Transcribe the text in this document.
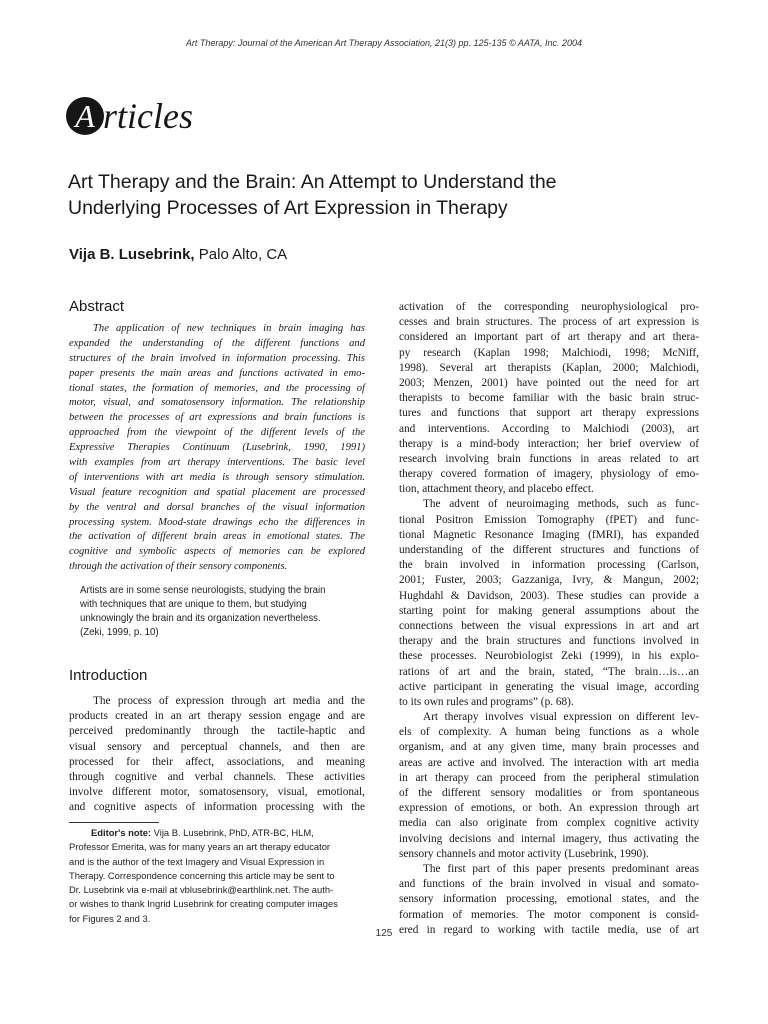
Art Therapy: Journal of the American Art Therapy Association, 21(3) pp. 125-135 © AATA, Inc. 2004
A rticles
Art Therapy and the Brain: An Attempt to Understand the
Underlying Processes of Art Expression in Therapy
Vija B. Lusebrink, Palo Alto, CA
Abstract
The application of new techniques in brain imaging has
expanded the understanding of the different functions and
structures of the brain involved in information processing. This
paper presents the main areas and functions activated in emo-
tional states, the formation of memories, and the processing of
motor, visual, and somatosensory information. The relationship
between the processes of art expressions and brain functions is
approached from the viewpoint of the different levels of the
Expressive Therapies Continuum (Lusebrink, 1990, 1991)
with examples from art therapy interventions. The basic level
of interventions with art media is through sensory stimulation.
Visual feature recognition and spatial placement are processed
by the ventral and dorsal branches of the visual information
processing system. Mood-state drawings echo the differences in
the activation of different brain areas in emotional states. The
cognitive and symbolic aspects of memories can be explored
through the activation of their sensory components.
Artists are in some sense neurologists, studying the brain
with techniques that are unique to them, but studying
unknowingly the brain and its organization nevertheless.
(Zeki, 1999, p. 10)
Introduction
The process of expression through art media and the
products created in an art therapy session engage and are
perceived predominantly through the tactile-haptic and
visual sensory and perceptual channels, and then are
processed for their affect, associations, and meaning
through cognitive and verbal channels. These activities
involve different motor, somatosensory, visual, emotional,
and cognitive aspects of information processing with the
Editor's note: Vija B. Lusebrink, PhD, ATR-BC, HLM,
Professor Emerita, was for many years an art therapy educator
and is the author of the text Imagery and Visual Expression in
Therapy. Correspondence concerning this article may be sent to
Dr. Lusebrink via e-mail at vblusebrink@earthlink.net. The auth-
or wishes to thank Ingrid Lusebrink for creating computer images
for Figures 2 and 3.
activation of the corresponding neurophysiological pro-
cesses and brain structures. The process of art expression is
considered an important part of art therapy and art thera-
py research (Kaplan 1998; Malchiodi, 1998; McNiff,
1998). Several art therapists (Kaplan, 2000; Malchiodi,
2003; Menzen, 2001) have pointed out the need for art
therapists to become familiar with the basic brain struc-
tures and functions that support art therapy expressions
and interventions. According to Malchiodi (2003), art
therapy is a mind-body interaction; her brief overview of
research involving brain functions in areas related to art
therapy covered formation of imagery, physiology of emo-
tion, attachment theory, and placebo effect.
The advent of neuroimaging methods, such as func-
tional Positron Emission Tomography (fPET) and func-
tional Magnetic Resonance Imaging (fMRI), has expanded
understanding of the different structures and functions of
the brain involved in information processing (Carlson,
2001; Fuster, 2003; Gazzaniga, Ivry, & Mangun, 2002;
Hughdahl & Davidson, 2003). These studies can provide a
starting point for making general assumptions about the
connections between the visual expressions in art and art
therapy and the brain structures and functions involved in
these processes. Neurobiologist Zeki (1999), in his explo-
rations of art and the brain, stated, “The brain…is…an
active participant in generating the visual image, according
to its own rules and programs” (p. 68).
Art therapy involves visual expression on different lev-
els of complexity. A human being functions as a whole
organism, and at any given time, many brain processes and
areas are active and involved. The interaction with art media
in art therapy can proceed from the peripheral stimulation
of the different sensory modalities or from spontaneous
expression of emotions, or both. An expression through art
media can also originate from complex cognitive activity
involving decisions and internal imagery, thus activating the
sensory channels and motor activity (Lusebrink, 1990).
The first part of this paper presents predominant areas
and functions of the brain involved in visual and somato-
sensory information processing, emotional states, and the
formation of memories. The motor component is consid-
ered in regard to working with tactile media, use of art
125
